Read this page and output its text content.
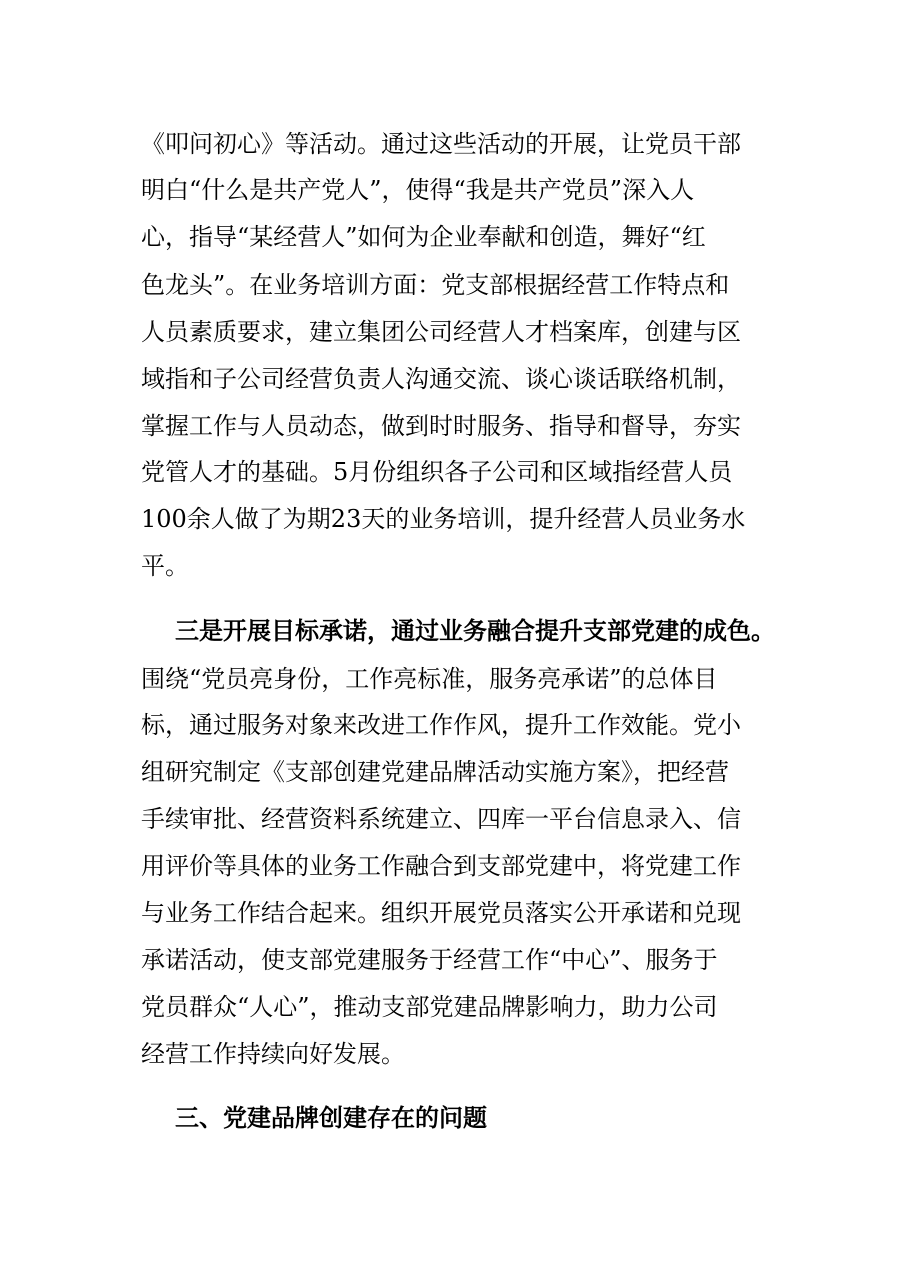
《叩问初心》等活动。通过这些活动的开展，让党员干部
明白“什么是共产党人”，使得“我是共产党员”深入人
心，指导“某经营人”如何为企业奉献和创造，舞好“红
色龙头”。在业务培训方面：党支部根据经营工作特点和
人员素质要求，建立集团公司经营人才档案库，创建与区
域指和子公司经营负责人沟通交流、谈心谈话联络机制，
掌握工作与人员动态，做到时时服务、指导和督导，夯实
党管人才的基础。5月份组织各子公司和区域指经营人员
100余人做了为期23天的业务培训，提升经营人员业务水
平。
三是开展目标承诺，通过业务融合提升支部党建的成色。
围绕“党员亮身份，工作亮标准，服务亮承诺”的总体目
标，通过服务对象来改进工作作风，提升工作效能。党小
组研究制定《支部创建党建品牌活动实施方案》，把经营
手续审批、经营资料系统建立、四库一平台信息录入、信
用评价等具体的业务工作融合到支部党建中，将党建工作
与业务工作结合起来。组织开展党员落实公开承诺和兑现
承诺活动，使支部党建服务于经营工作“中心”、服务于
党员群众“人心”，推动支部党建品牌影响力，助力公司
经营工作持续向好发展。
三、党建品牌创建存在的问题
